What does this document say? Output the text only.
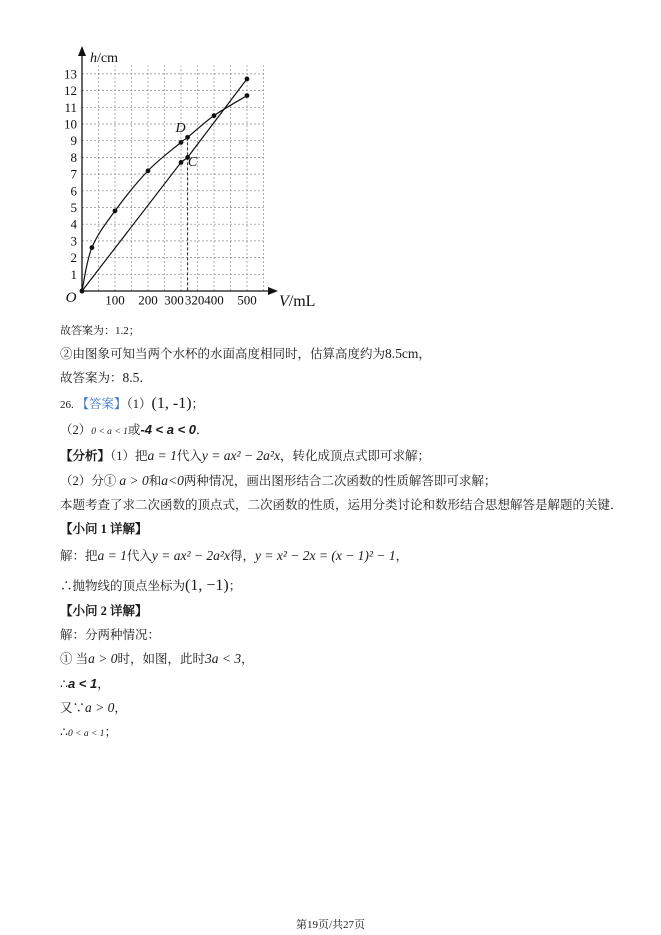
1
2
3
4
5
6
7
8
9
10
11
12
13
100 200 300 320 400 500
O
h/cm
V/mL
D
C
故答案为：1.2；
②由图象可知当两个水杯的水面高度相同时，估算高度约为8.5cm，
故答案为：8.5．
26. 【答案】（1）(1, -1)；
（2）0 < a < 1或-4 < a < 0．
【分析】（1）把a = 1代入y = ax² − 2a²x，转化成顶点式即可求解；
（2）分① a > 0和a<0两种情况，画出图形结合二次函数的性质解答即可求解；
本题考查了求二次函数的顶点式，二次函数的性质，运用分类讨论和数形结合思想解答是解题的关键．
【小问 1 详解】
解：把a = 1代入y = ax² − 2a²x得，y = x² − 2x = (x − 1)² − 1，
∴抛物线的顶点坐标为(1, −1)；
【小问 2 详解】
解：分两种情况：
① 当a > 0时，如图，此时3a < 3，
∴a < 1，
又∵a > 0，
∴0 < a < 1；
第19页/共27页
